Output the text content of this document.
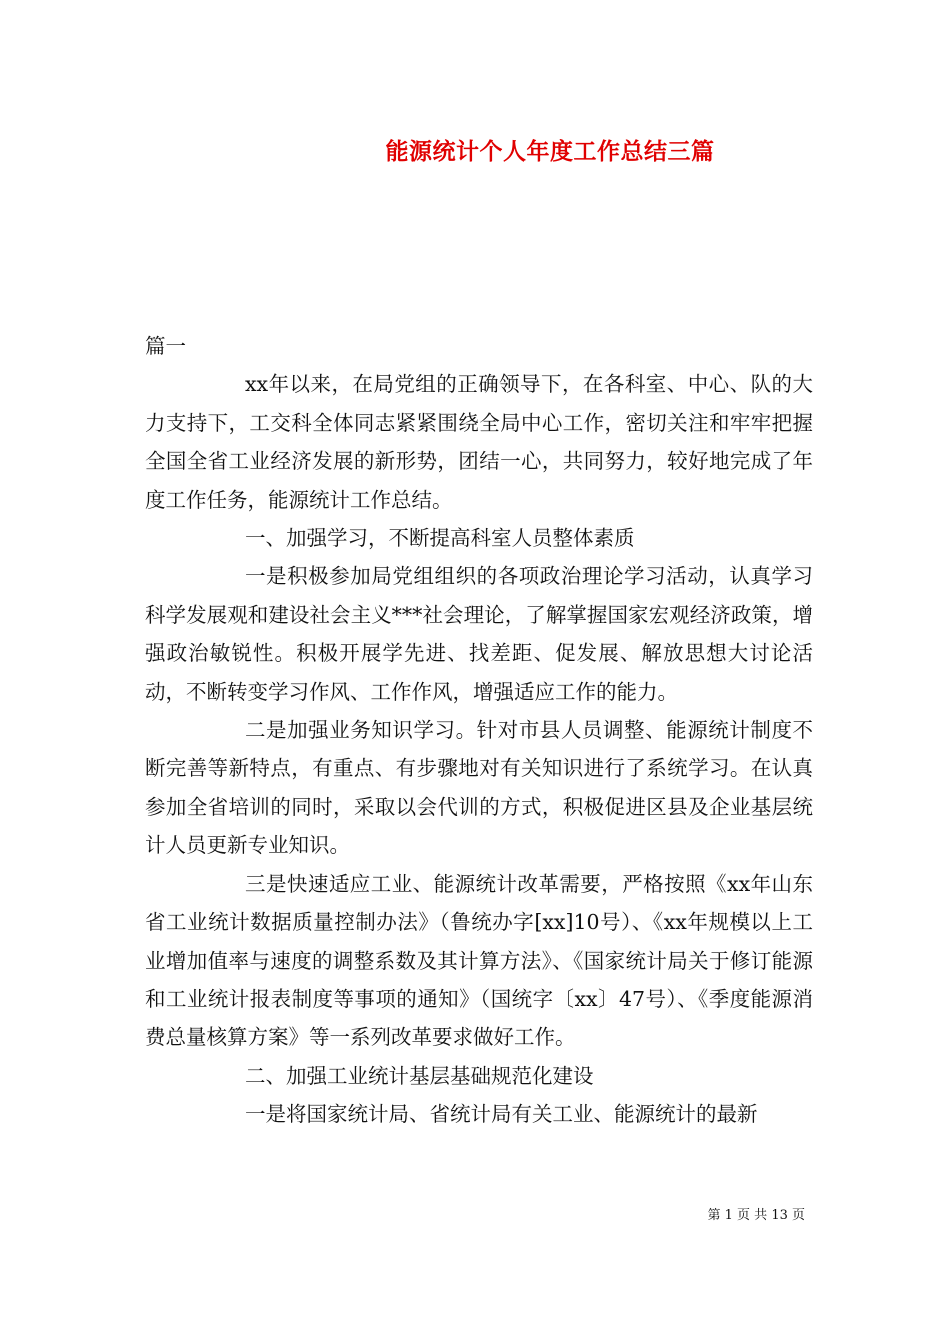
能源统计个人年度工作总结三篇

篇一

xx年以来，在局党组的正确领导下，在各科室、中心、队的大力支持下，工交科全体同志紧紧围绕全局中心工作，密切关注和牢牢把握全国全省工业经济发展的新形势，团结一心，共同努力，较好地完成了年度工作任务，能源统计工作总结。

一、加强学习，不断提高科室人员整体素质

一是积极参加局党组组织的各项政治理论学习活动，认真学习科学发展观和建设社会主义***社会理论，了解掌握国家宏观经济政策，增强政治敏锐性。积极开展学先进、找差距、促发展、解放思想大讨论活动，不断转变学习作风、工作作风，增强适应工作的能力。

二是加强业务知识学习。针对市县人员调整、能源统计制度不断完善等新特点，有重点、有步骤地对有关知识进行了系统学习。在认真参加全省培训的同时，采取以会代训的方式，积极促进区县及企业基层统计人员更新专业知识。

三是快速适应工业、能源统计改革需要，严格按照《xx年山东省工业统计数据质量控制办法》（鲁统办字[xx]10号）、《xx年规模以上工业增加值率与速度的调整系数及其计算方法》、《国家统计局关于修订能源和工业统计报表制度等事项的通知》（国统字〔xx〕47号）、《季度能源消费总量核算方案》等一系列改革要求做好工作。

二、加强工业统计基层基础规范化建设

一是将国家统计局、省统计局有关工业、能源统计的最新

第 1 页 共 13 页
